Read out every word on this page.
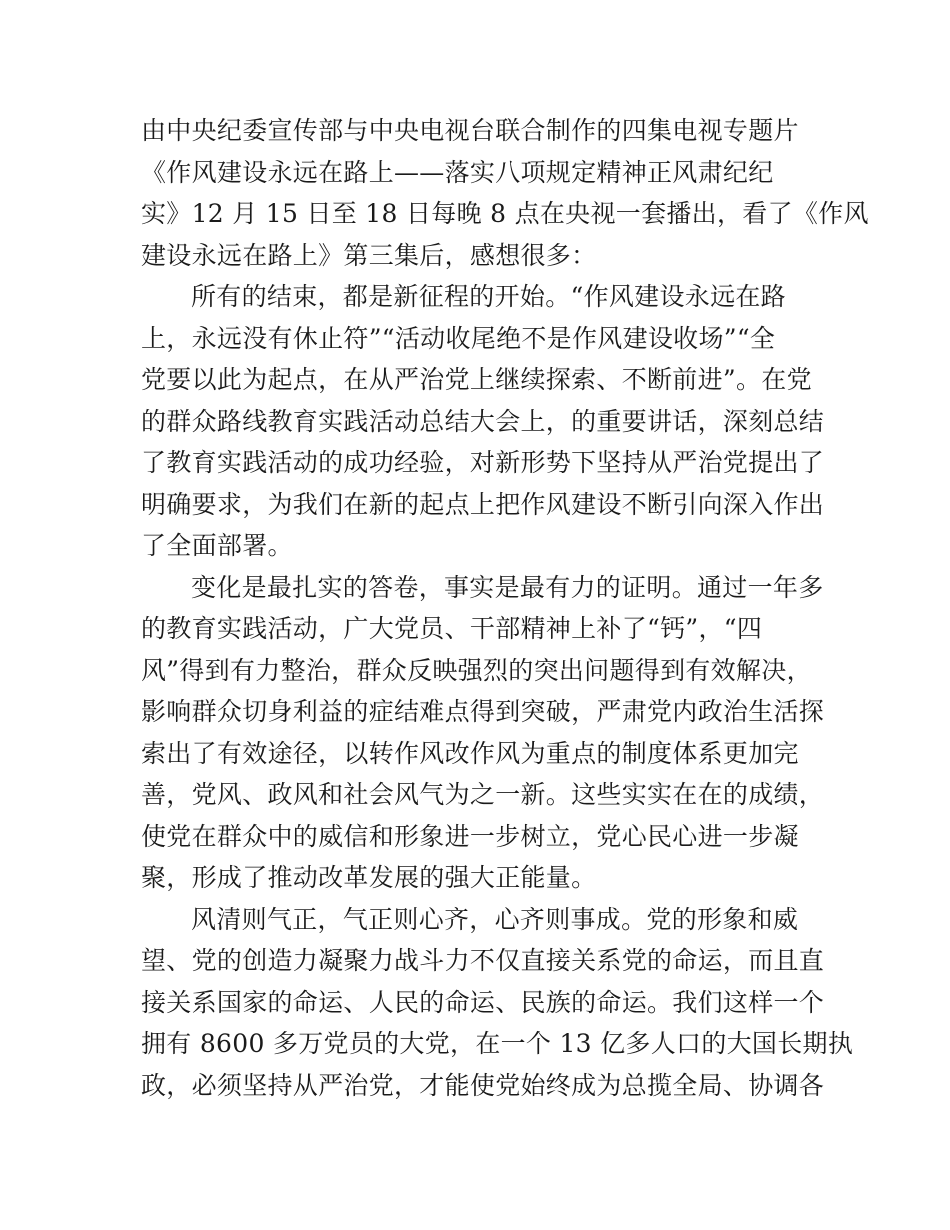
由中央纪委宣传部与中央电视台联合制作的四集电视专题片
《作风建设永远在路上——落实八项规定精神正风肃纪纪
实》12 月 15 日至 18 日每晚 8 点在央视一套播出，看了《作风
建设永远在路上》第三集后，感想很多：
所有的结束，都是新征程的开始。“作风建设永远在路
上，永远没有休止符”“活动收尾绝不是作风建设收场”“全
党要以此为起点，在从严治党上继续探索、不断前进”。在党
的群众路线教育实践活动总结大会上，的重要讲话，深刻总结
了教育实践活动的成功经验，对新形势下坚持从严治党提出了
明确要求，为我们在新的起点上把作风建设不断引向深入作出
了全面部署。
变化是最扎实的答卷，事实是最有力的证明。通过一年多
的教育实践活动，广大党员、干部精神上补了“钙”，“四
风”得到有力整治，群众反映强烈的突出问题得到有效解决，
影响群众切身利益的症结难点得到突破，严肃党内政治生活探
索出了有效途径，以转作风改作风为重点的制度体系更加完
善，党风、政风和社会风气为之一新。这些实实在在的成绩，
使党在群众中的威信和形象进一步树立，党心民心进一步凝
聚，形成了推动改革发展的强大正能量。
风清则气正，气正则心齐，心齐则事成。党的形象和威
望、党的创造力凝聚力战斗力不仅直接关系党的命运，而且直
接关系国家的命运、人民的命运、民族的命运。我们这样一个
拥有 8600 多万党员的大党，在一个 13 亿多人口的大国长期执
政，必须坚持从严治党，才能使党始终成为总揽全局、协调各
